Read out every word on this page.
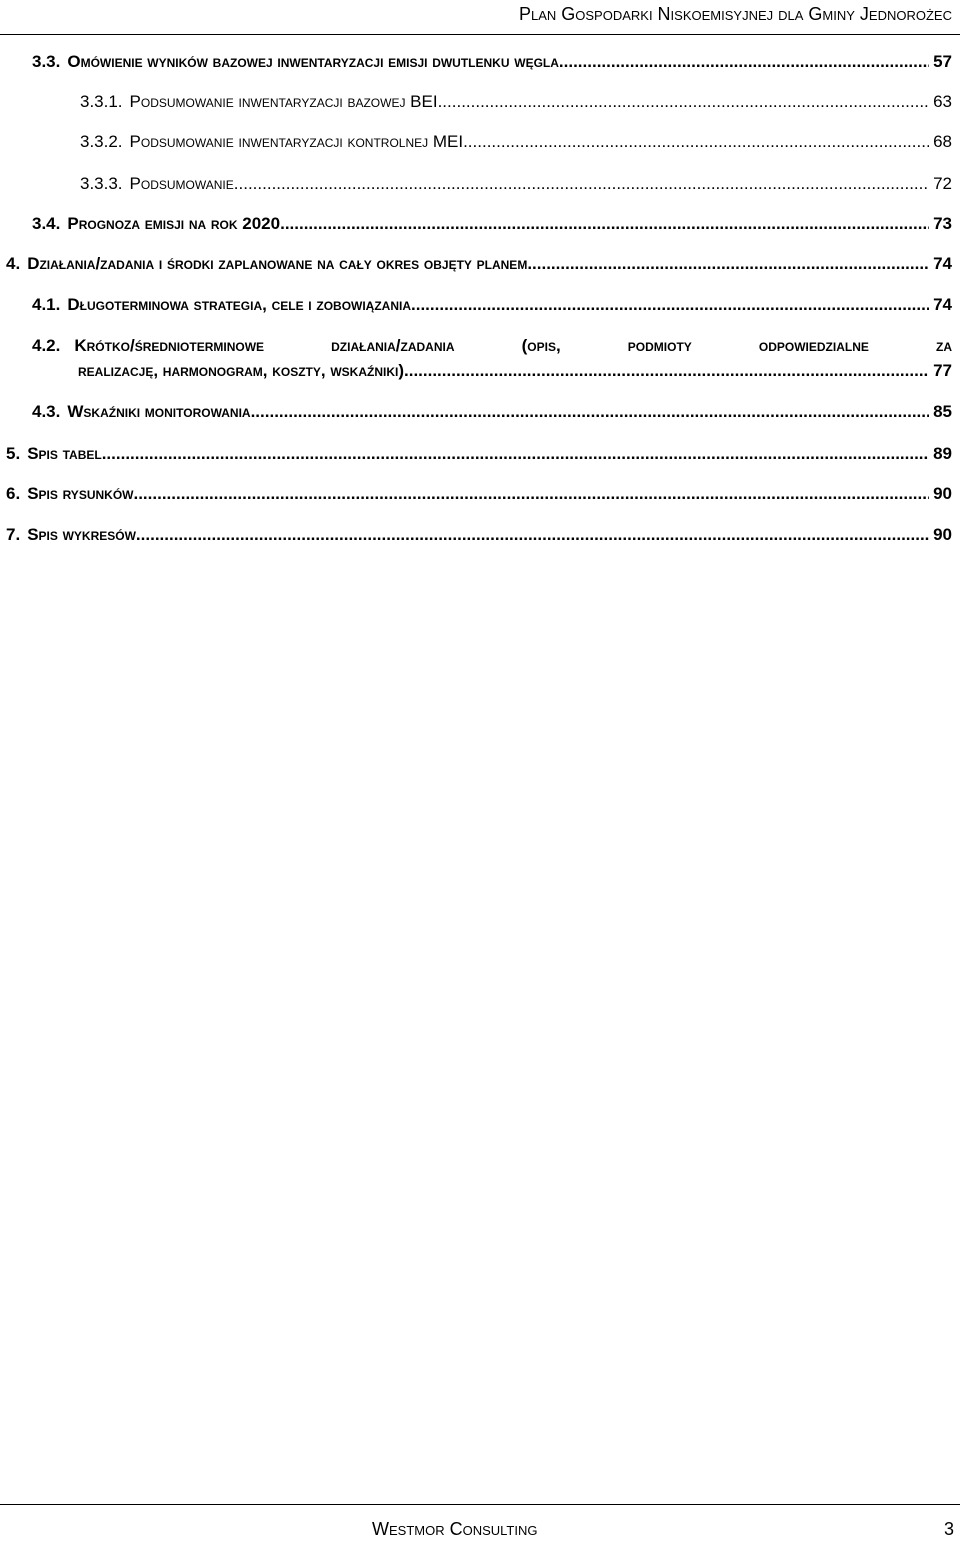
Plan Gospodarki Niskoemisyjnej dla Gminy Jednorożec
3.3. Omówienie wyników bazowej inwentaryzacji emisji dwutlenku węgla .....	57
3.3.1. Podsumowanie inwentaryzacji bazowej BEI .....	63
3.3.2. Podsumowanie inwentaryzacji kontrolnej MEI .....	68
3.3.3. Podsumowanie .....	72
3.4. Prognoza emisji na rok 2020 .....	73
4. Działania/zadania i środki zaplanowane na cały okres objęty planem .....	74
4.1. Długoterminowa strategia, cele i zobowiązania .....	74
4.2. Krótko/średnioterminowe działania/zadania (opis, podmioty odpowiedzialne za
realizację, harmonogram, koszty, wskaźniki) .....	77
4.3. Wskaźniki monitorowania .....	85
5. Spis tabel .....	89
6. Spis rysunków .....	90
7. Spis wykresów .....	90
Westmor Consulting	3
